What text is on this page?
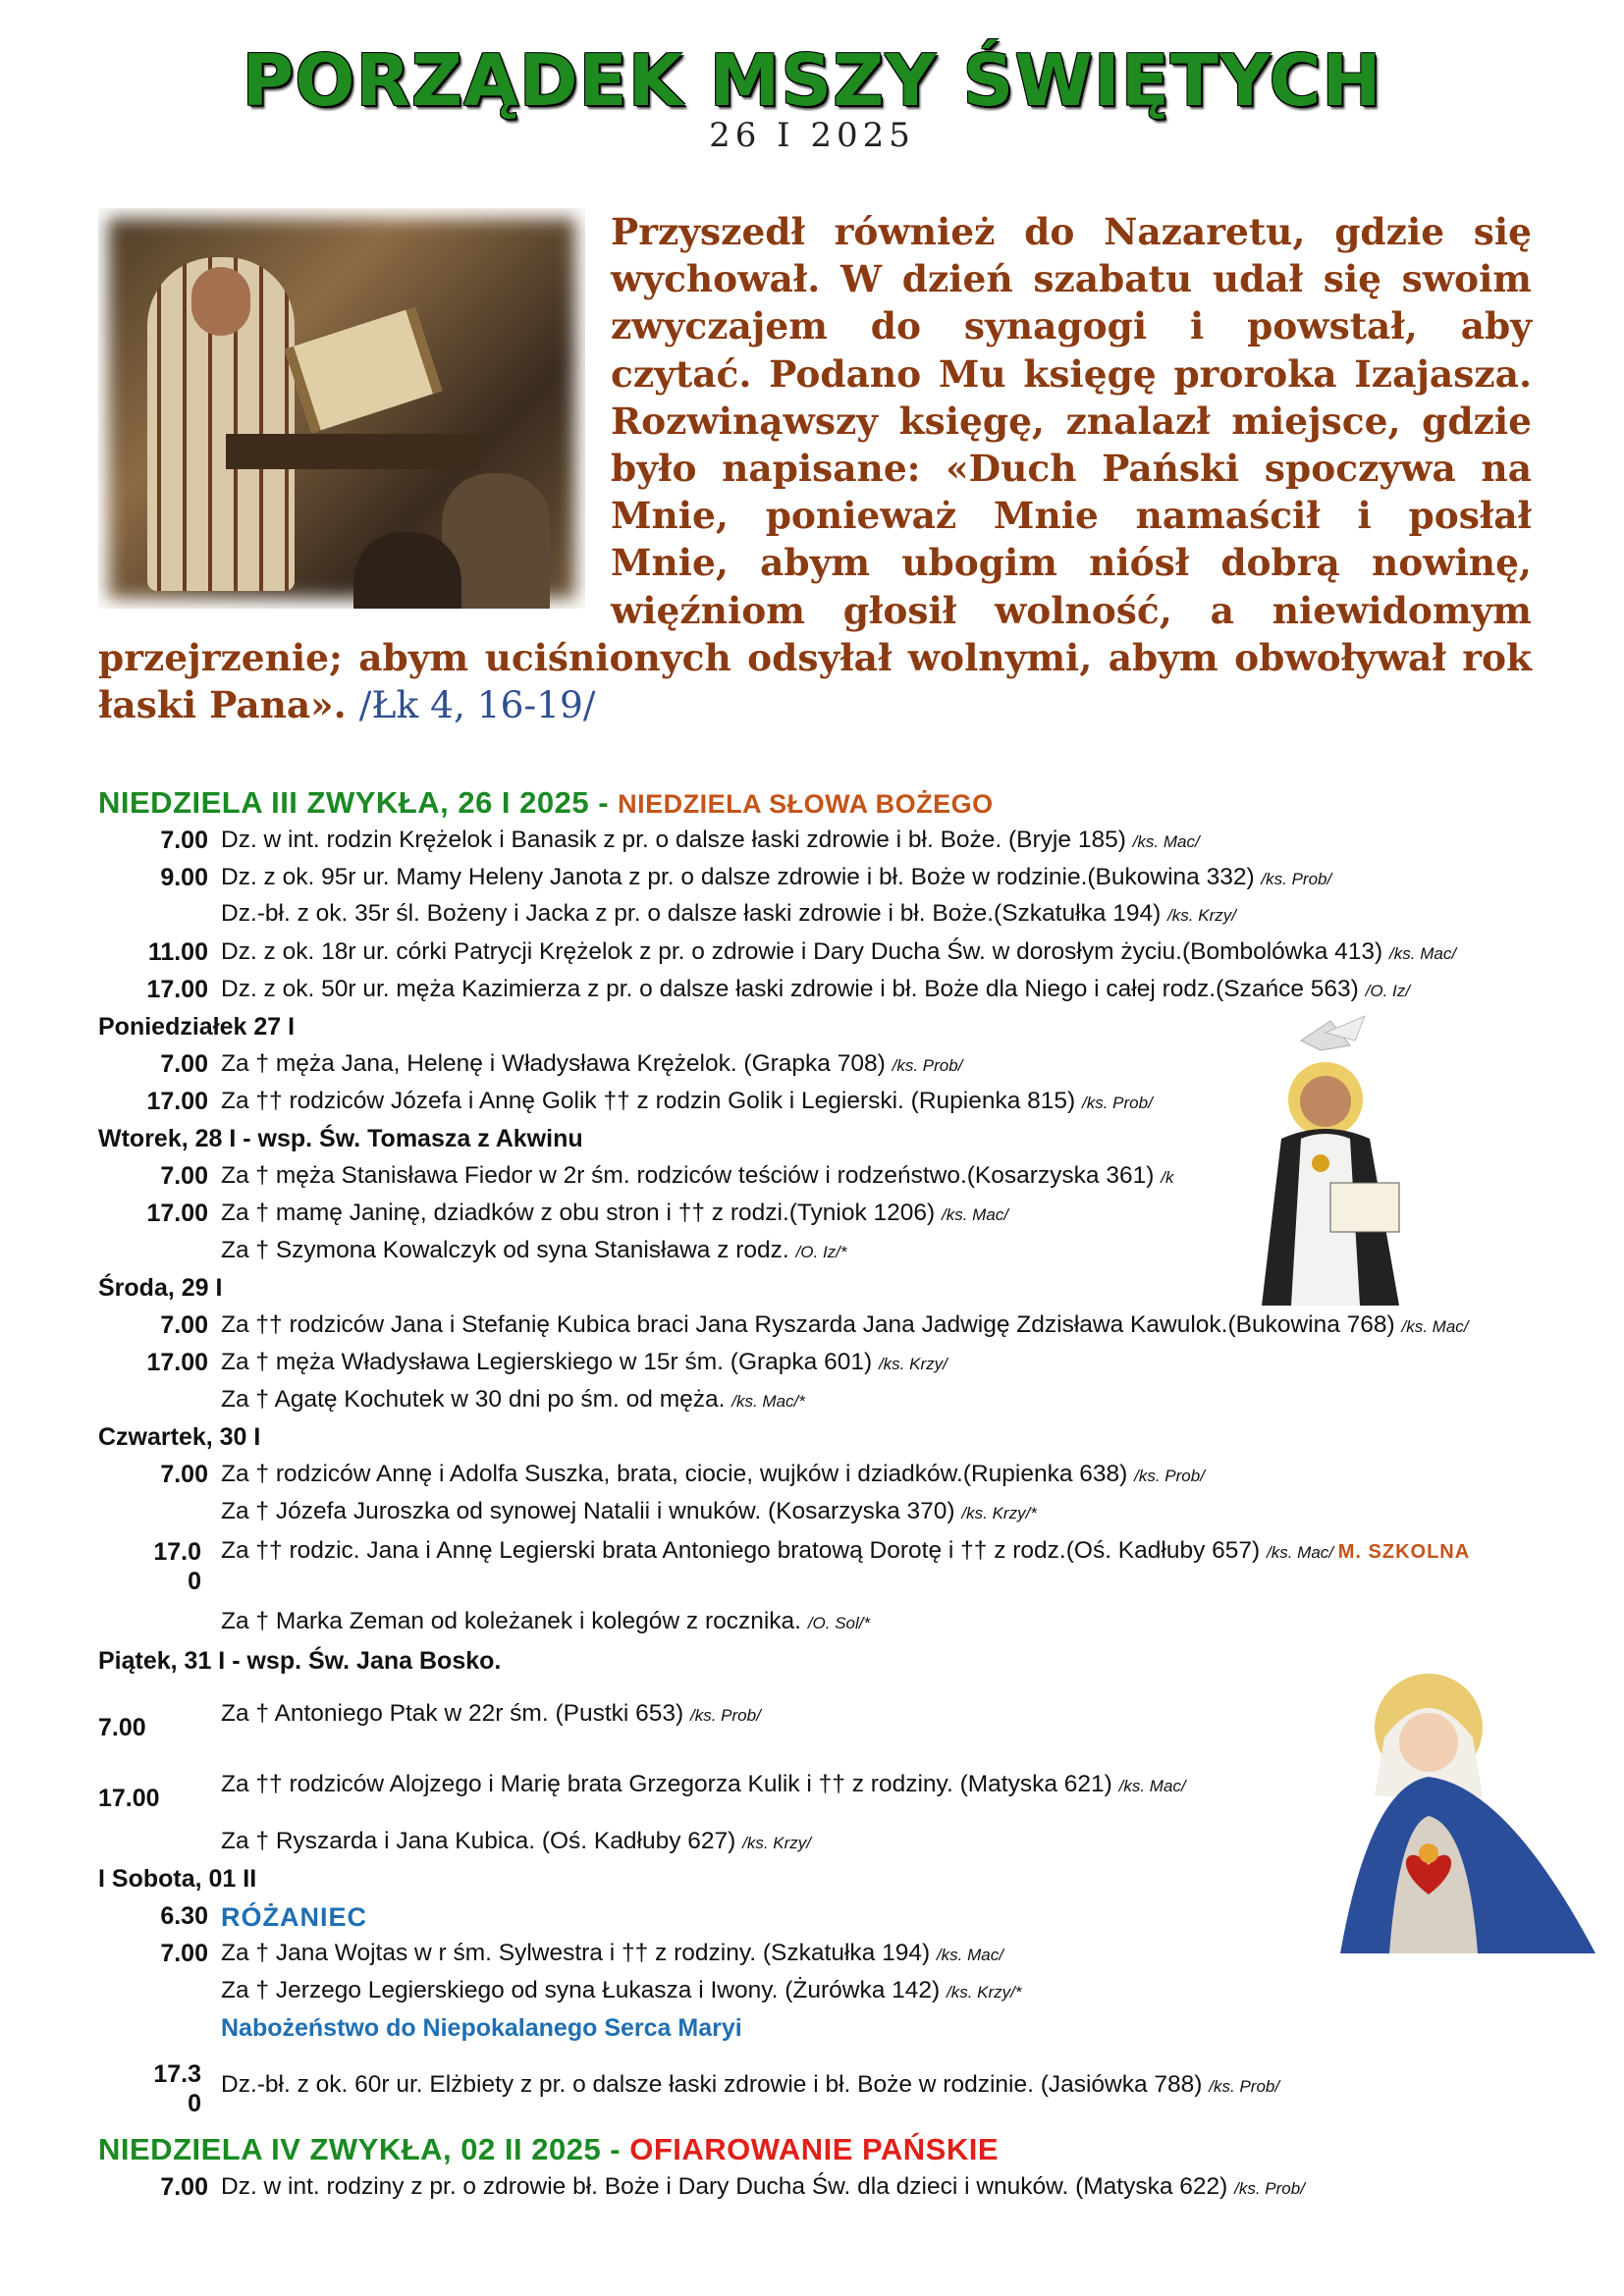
PORZĄDEK MSZY ŚWIĘTYCH
26 I 2025
Przyszedł również do Nazaretu, gdzie się wychował. W dzień szabatu udał się swoim zwyczajem do synagogi i powstał, aby czytać. Podano Mu księgę proroka Izajasza. Rozwinąwszy księgę, znalazł miejsce, gdzie było napisane: «Duch Pański spoczywa na Mnie, ponieważ Mnie namaścił i posłał Mnie, abym ubogim niósł dobrą nowinę, więźniom głosił wolność, a niewidomym przejrzenie; abym uciśnionych odsyłał wolnymi, abym obwoływał rok łaski Pana». /Łk 4, 16-19/
NIEDZIELA III ZWYKŁA, 26 I 2025 - NIEDZIELA SŁOWA BOŻEGO
7.00 Dz. w int. rodzin Krężelok i Banasik z pr. o dalsze łaski zdrowie i bł. Boże. (Bryje 185) /ks. Mac/
9.00 Dz. z ok. 95r ur. Mamy Heleny Janota z pr. o dalsze zdrowie i bł. Boże w rodzinie.(Bukowina 332) /ks. Prob/
Dz.-bł. z ok. 35r śl. Bożeny i Jacka z pr. o dalsze łaski zdrowie i bł. Boże.(Szkatułka 194) /ks. Krzy/
11.00 Dz. z ok. 18r ur. córki Patrycji Krężelok z pr. o zdrowie i Dary Ducha Św. w dorosłym życiu.(Bombolówka 413) /ks. Mac/
17.00 Dz. z ok. 50r ur. męża Kazimierza z pr. o dalsze łaski zdrowie i bł. Boże dla Niego i całej rodz.(Szańce 563) /O. Iz/
Poniedziałek 27 I
7.00 Za † męża Jana, Helenę i Władysława Krężelok. (Grapka 708) /ks. Prob/
17.00 Za †† rodziców Józefa i Annę Golik †† z rodzin Golik i Legierski. (Rupienka 815) /ks. Prob/
Wtorek, 28 I - wsp. Św. Tomasza z Akwinu
7.00 Za † męża Stanisława Fiedor w 2r śm. rodziców teściów i rodzeństwo.(Kosarzyska 361) /k
17.00 Za † mamę Janinę, dziadków z obu stron i †† z rodzi.(Tyniok 1206) /ks. Mac/
Za † Szymona Kowalczyk od syna Stanisława z rodz. /O. Iz/*
Środa, 29 I
7.00 Za †† rodziców Jana i Stefanię Kubica braci Jana Ryszarda Jana Jadwigę Zdzisława Kawulok.(Bukowina 768) /ks. Mac/
17.00 Za † męża Władysława Legierskiego w 15r śm. (Grapka 601) /ks. Krzy/
Za † Agatę Kochutek w 30 dni po śm. od męża. /ks. Mac/*
Czwartek, 30 I
7.00 Za † rodziców Annę i Adolfa Suszka, brata, ciocie, wujków i dziadków.(Rupienka 638) /ks. Prob/
Za † Józefa Juroszka od synowej Natalii i wnuków. (Kosarzyska 370) /ks. Krzy/*
17.0
0
Za †† rodzic. Jana i Annę Legierski brata Antoniego bratową Dorotę i †† z rodz.(Oś. Kadłuby 657) /ks. Mac/ M. SZKOLNA
Za † Marka Zeman od koleżanek i kolegów z rocznika. /O. Sol/*
Piątek, 31 I - wsp. Św. Jana Bosko.
7.00
Za † Antoniego Ptak w 22r śm. (Pustki 653) /ks. Prob/
17.00
Za †† rodziców Alojzego i Marię brata Grzegorza Kulik i †† z rodziny. (Matyska 621) /ks. Mac/
Za † Ryszarda i Jana Kubica. (Oś. Kadłuby 627) /ks. Krzy/
I Sobota, 01 II
6.30 RÓŻANIEC
7.00 Za † Jana Wojtas w r śm. Sylwestra i †† z rodziny. (Szkatułka 194) /ks. Mac/
Za † Jerzego Legierskiego od syna Łukasza i Iwony. (Żurówka 142) /ks. Krzy/*
Nabożeństwo do Niepokalanego Serca Maryi
17.3
0
Dz.-bł. z ok. 60r ur. Elżbiety z pr. o dalsze łaski zdrowie i bł. Boże w rodzinie. (Jasiówka 788) /ks. Prob/
NIEDZIELA IV ZWYKŁA, 02 II 2025 - OFIAROWANIE PAŃSKIE
7.00 Dz. w int. rodziny z pr. o zdrowie bł. Boże i Dary Ducha Św. dla dzieci i wnuków. (Matyska 622) /ks. Prob/
